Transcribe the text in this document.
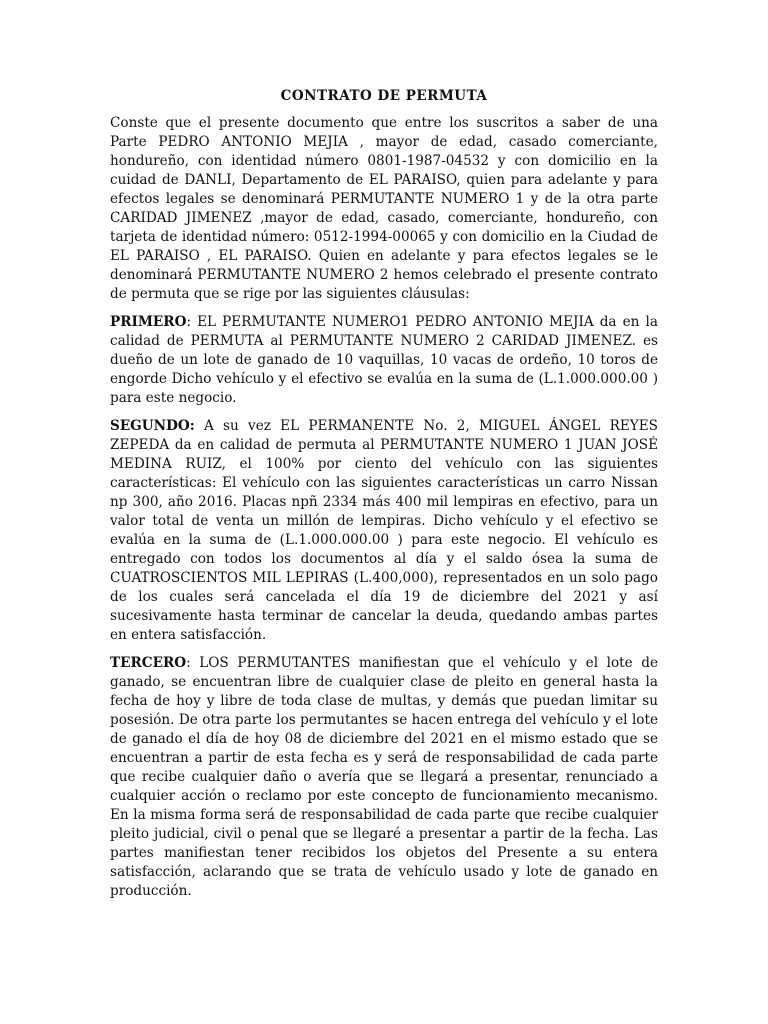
CONTRATO DE PERMUTA

Conste que el presente documento que entre los suscritos a saber de una Parte PEDRO ANTONIO MEJIA , mayor de edad, casado comerciante, hondureño, con identidad número 0801-1987-04532 y con domicilio en la cuidad de DANLI, Departamento de EL PARAISO, quien para adelante y para efectos legales se denominará PERMUTANTE NUMERO 1 y de la otra parte CARIDAD JIMENEZ ,mayor de edad, casado, comerciante, hondureño, con tarjeta de identidad número: 0512-1994-00065 y con domicilio en la Ciudad de EL PARAISO , EL PARAISO. Quien en adelante y para efectos legales se le denominará PERMUTANTE NUMERO 2 hemos celebrado el presente contrato de permuta que se rige por las siguientes cláusulas:

PRIMERO: EL PERMUTANTE NUMERO1 PEDRO ANTONIO MEJIA da en la calidad de PERMUTA al PERMUTANTE NUMERO 2 CARIDAD JIMENEZ. es dueño de un lote de ganado de 10 vaquillas, 10 vacas de ordeño, 10 toros de engorde Dicho vehículo y el efectivo se evalúa en la suma de (L.1.000.000.00 ) para este negocio.

SEGUNDO: A su vez EL PERMANENTE No. 2, MIGUEL ÁNGEL REYES ZEPEDA da en calidad de permuta al PERMUTANTE NUMERO 1 JUAN JOSÉ MEDINA RUIZ, el 100% por ciento del vehículo con las siguientes características: El vehículo con las siguientes características un carro Nissan np 300, año 2016. Placas npñ 2334 más 400 mil lempiras en efectivo, para un valor total de venta un millón de lempiras. Dicho vehículo y el efectivo se evalúa en la suma de (L.1.000.000.00 ) para este negocio. El vehículo es entregado con todos los documentos al día y el saldo ósea la suma de CUATROSCIENTOS MIL LEPIRAS (L.400,000), representados en un solo pago de los cuales será cancelada el día 19 de diciembre del 2021 y así sucesivamente hasta terminar de cancelar la deuda, quedando ambas partes en entera satisfacción.

TERCERO: LOS PERMUTANTES manifiestan que el vehículo y el lote de ganado, se encuentran libre de cualquier clase de pleito en general hasta la fecha de hoy y libre de toda clase de multas, y demás que puedan limitar su posesión. De otra parte los permutantes se hacen entrega del vehículo y el lote de ganado el día de hoy 08 de diciembre del 2021 en el mismo estado que se encuentran a partir de esta fecha es y será de responsabilidad de cada parte que recibe cualquier daño o avería que se llegará a presentar, renunciado a cualquier acción o reclamo por este concepto de funcionamiento mecanismo. En la misma forma será de responsabilidad de cada parte que recibe cualquier pleito judicial, civil o penal que se llegaré a presentar a partir de la fecha. Las partes manifiestan tener recibidos los objetos del Presente a su entera satisfacción, aclarando que se trata de vehículo usado y lote de ganado en producción.
